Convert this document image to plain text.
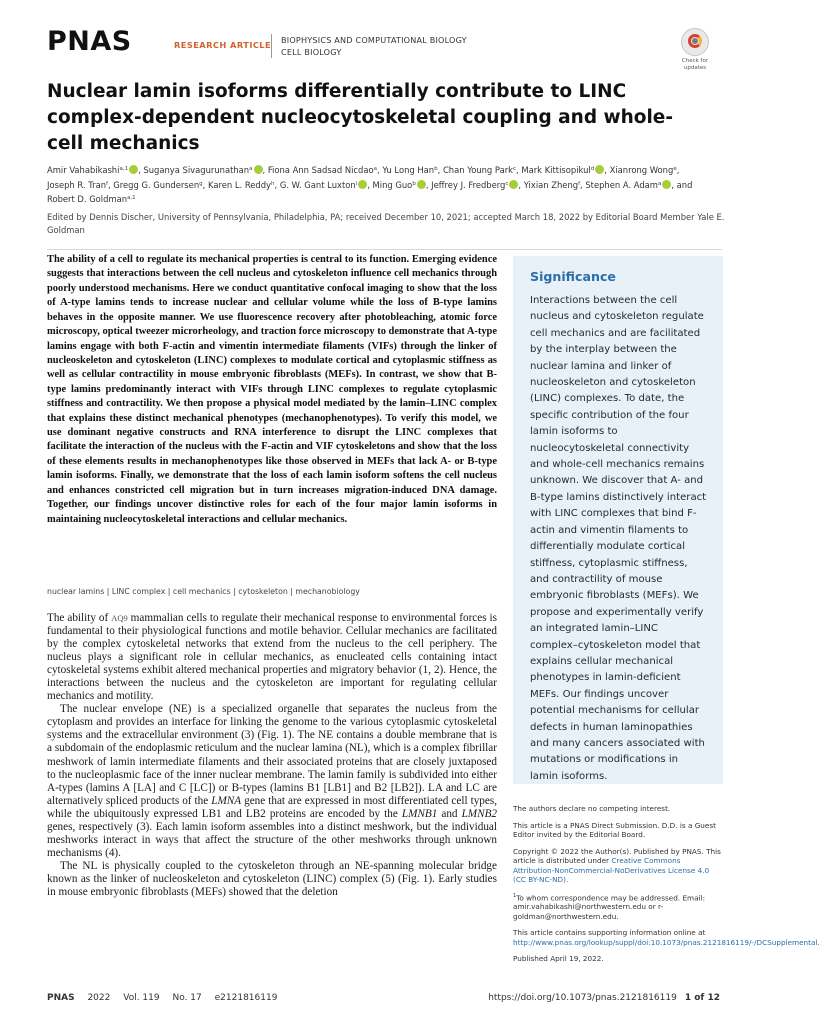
PNAS	RESEARCH ARTICLE BIOPHYSICS AND COMPUTATIONAL BIOLOGY
CELL BIOLOGY
Check for updates
Nuclear lamin isoforms differentially contribute to LINC complex-dependent nucleocytoskeletal coupling and whole-cell mechanics
Amir Vahabikashi$^{a,1}$ , Suganya Sivagurunathan$^a$ , Fiona Ann Sadsad Nicdao$^a$, Yu Long Han$^b$, Chan Young Park$^c$, Mark Kittisopikul$^d$ , Xianrong Wong$^e$, Joseph R. Tran$^f$, Gregg G. Gundersen$^g$, Karen L. Reddy$^h$, G. W. Gant Luxton$^i$ , Ming Guo$^b$ , Jeffrey J. Fredberg$^c$ , Yixian Zheng$^f$, Stephen A. Adam$^a$ , and Robert D. Goldman$^{a,1}$
Edited by Dennis Discher, University of Pennsylvania, Philadelphia, PA; received December 10, 2021; accepted March 18, 2022 by Editorial Board Member Yale E. Goldman
The ability of a cell to regulate its mechanical properties is central to its function. Emerging evidence suggests that interactions between the cell nucleus and cytoskeleton influence cell mechanics through poorly understood mechanisms. Here we conduct quantitative confocal imaging to show that the loss of A-type lamins tends to increase nuclear and cellular volume while the loss of B-type lamins behaves in the opposite manner. We use fluorescence recovery after photobleaching, atomic force microscopy, optical tweezer microrheology, and traction force microscopy to demonstrate that A-type lamins engage with both F-actin and vimentin intermediate filaments (VIFs) through the linker of nucleoskeleton and cytoskeleton (LINC) complexes to modulate cortical and cytoplasmic stiffness as well as cellular contractility in mouse embryonic fibroblasts (MEFs). In contrast, we show that B-type lamins predominantly interact with VIFs through LINC complexes to regulate cytoplasmic stiffness and contractility. We then propose a physical model mediated by the lamin–LINC complex that explains these distinct mechanical phenotypes (mechanophenotypes). To verify this model, we use dominant negative constructs and RNA interference to disrupt the LINC complexes that facilitate the interaction of the nucleus with the F-actin and VIF cytoskeletons and show that the loss of these elements results in mechanophenotypes like those observed in MEFs that lack A- or B-type lamin isoforms. Finally, we demonstrate that the loss of each lamin isoform softens the cell nucleus and enhances constricted cell migration but in turn increases migration-induced DNA damage. Together, our findings uncover distinctive roles for each of the four major lamin isoforms in maintaining nucleocytoskeletal interactions and cellular mechanics.
nuclear lamins | LINC complex | cell mechanics | cytoskeleton | mechanobiology
Significance
Interactions between the cell nucleus and cytoskeleton regulate cell mechanics and are facilitated by the interplay between the nuclear lamina and linker of nucleoskeleton and cytoskeleton (LINC) complexes. To date, the specific contribution of the four lamin isoforms to nucleocytoskeletal connectivity and whole-cell mechanics remains unknown. We discover that A- and B-type lamins distinctively interact with LINC complexes that bind F-actin and vimentin filaments to differentially modulate cortical stiffness, cytoplasmic stiffness, and contractility of mouse embryonic fibroblasts (MEFs). We propose and experimentally verify an integrated lamin–LINC complex–cytoskeleton model that explains cellular mechanical phenotypes in lamin-deficient MEFs. Our findings uncover potential mechanisms for cellular defects in human laminopathies and many cancers associated with mutations or modifications in lamin isoforms.

The ability of AQ9 mammalian cells to regulate their mechanical response to environmental forces is fundamental to their physiological functions and motile behavior. Cellular mechanics are facilitated by the complex cytoskeletal networks that extend from the nucleus to the cell periphery. The nucleus plays a significant role in cellular mechanics, as enucleated cells containing intact cytoskeletal systems exhibit altered mechanical properties and migratory behavior (1, 2). Hence, the interactions between the nucleus and the cytoskeleton are important for regulating cellular mechanics and motility.

The nuclear envelope (NE) is a specialized organelle that separates the nucleus from the cytoplasm and provides an interface for linking the genome to the various cytoplasmic cytoskeletal systems and the extracellular environment (3) (Fig. 1). The NE contains a double membrane that is a subdomain of the endoplasmic reticulum and the nuclear lamina (NL), which is a complex fibrillar meshwork of lamin intermediate filaments and their associated proteins that are closely juxtaposed to the nucleoplasmic face of the inner nuclear membrane. The lamin family is subdivided into either A-types (lamins A [LA] and C [LC]) or B-types (lamins B1 [LB1] and B2 [LB2]). LA and LC are alternatively spliced products of the LMNA gene that are expressed in most differentiated cell types, while the ubiquitously expressed LB1 and LB2 proteins are encoded by the LMNB1 and LMNB2 genes, respectively (3). Each lamin isoform assembles into a distinct meshwork, but the individual meshworks interact in ways that affect the structure of the other meshworks through unknown mechanisms (4).

The NL is physically coupled to the cytoskeleton through an NE-spanning molecular bridge known as the linker of nucleoskeleton and cytoskeleton (LINC) complex (5) (Fig. 1). Early studies in mouse embryonic fibroblasts (MEFs) showed that the deletion

The authors declare no competing interest.

This article is a PNAS Direct Submission. D.D. is a Guest Editor invited by the Editorial Board.

Copyright © 2022 the Author(s). Published by PNAS. This article is distributed under Creative Commons Attribution-NonCommercial-NoDerivatives License 4.0 (CC BY-NC-ND).

$^1$To whom correspondence may be addressed. Email: amir.vahabikashi@northwestern.edu or r-goldman@northwestern.edu.

This article contains supporting information online at http://www.pnas.org/lookup/suppl/doi:10.1073/pnas.2121816119/-/DCSupplemental.

Published April 19, 2022.

PNAS 2022 Vol. 119 No. 17 e2121816119	https://doi.org/10.1073/pnas.2121816119 1 of 12
